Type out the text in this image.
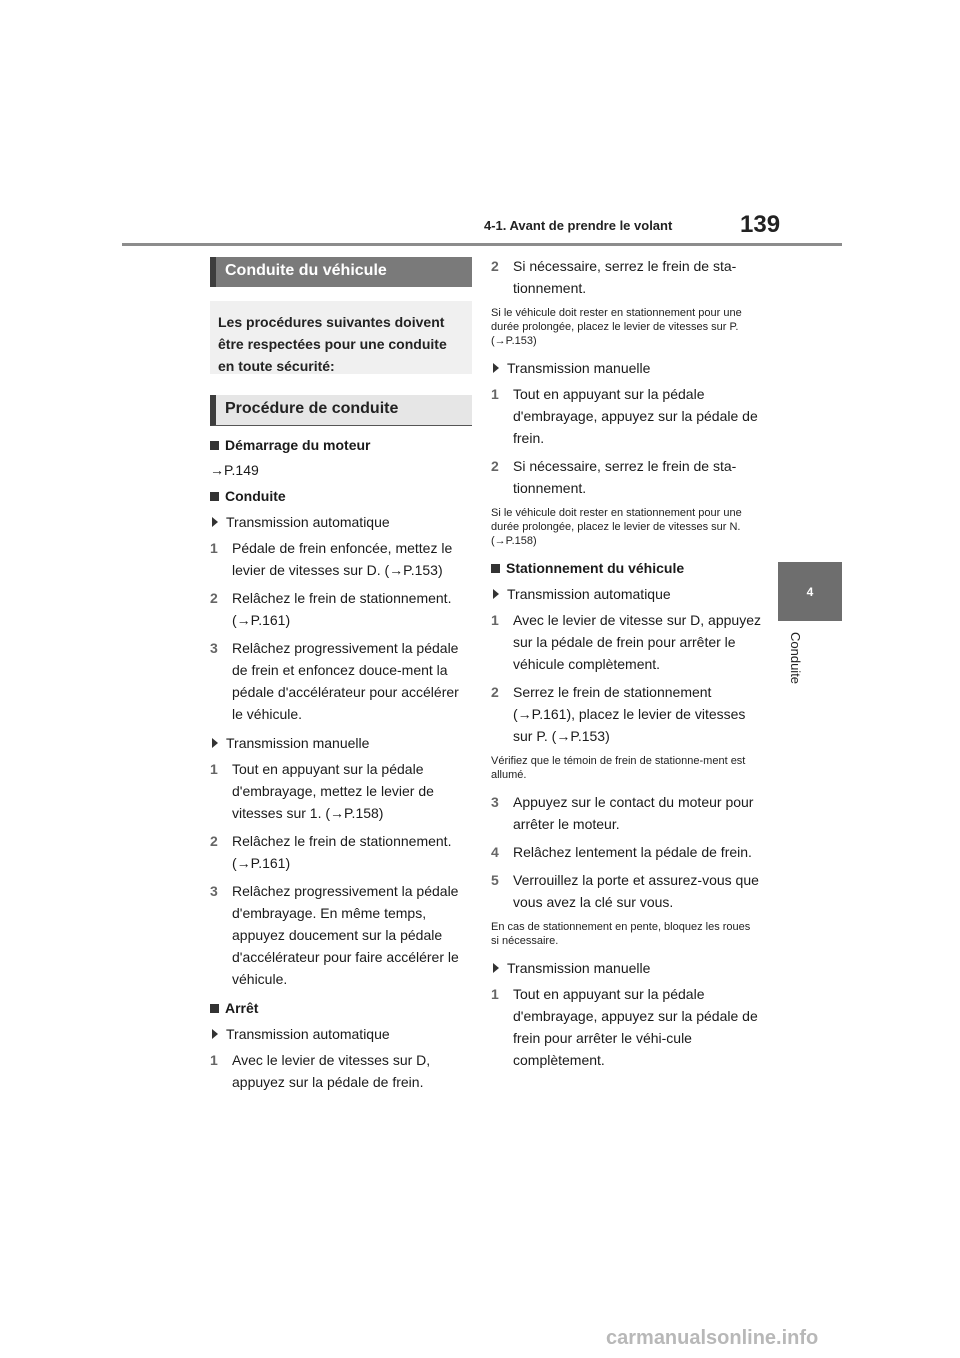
4-1. Avant de prendre le volant	139
4
Conduite
Conduite du véhicule
Les procédures suivantes doivent être respectées pour une conduite en toute sécurité:
Procédure de conduite
Démarrage du moteur
→P.149
Conduite
Transmission automatique
1	Pédale de frein enfoncée, mettez le levier de vitesses sur D. (→P.153)
2	Relâchez le frein de stationnement. (→P.161)
3	Relâchez progressivement la pédale de frein et enfoncez douce-ment la pédale d'accélérateur pour accélérer le véhicule.
Transmission manuelle
1	Tout en appuyant sur la pédale d'embrayage, mettez le levier de vitesses sur 1. (→P.158)
2	Relâchez le frein de stationnement. (→P.161)
3	Relâchez progressivement la pédale d'embrayage. En même temps, appuyez doucement sur la pédale d'accélérateur pour faire accélérer le véhicule.
Arrêt
Transmission automatique
1	Avec le levier de vitesses sur D, appuyez sur la pédale de frein.
2	Si nécessaire, serrez le frein de sta-tionnement.
Si le véhicule doit rester en stationnement pour une durée prolongée, placez le levier de vitesses sur P. (→P.153)
Transmission manuelle
1	Tout en appuyant sur la pédale d'embrayage, appuyez sur la pédale de frein.
2	Si nécessaire, serrez le frein de sta-tionnement.
Si le véhicule doit rester en stationnement pour une durée prolongée, placez le levier de vitesses sur N. (→P.158)
Stationnement du véhicule
Transmission automatique
1	Avec le levier de vitesse sur D, appuyez sur la pédale de frein pour arrêter le véhicule complètement.
2	Serrez le frein de stationnement (→P.161), placez le levier de vitesses sur P. (→P.153)
Vérifiez que le témoin de frein de stationne-ment est allumé.
3	Appuyez sur le contact du moteur pour arrêter le moteur.
4	Relâchez lentement la pédale de frein.
5	Verrouillez la porte et assurez-vous que vous avez la clé sur vous.
En cas de stationnement en pente, bloquez les roues si nécessaire.
Transmission manuelle
1	Tout en appuyant sur la pédale d'embrayage, appuyez sur la pédale de frein pour arrêter le véhi-cule complètement.
carmanualsonline.info
